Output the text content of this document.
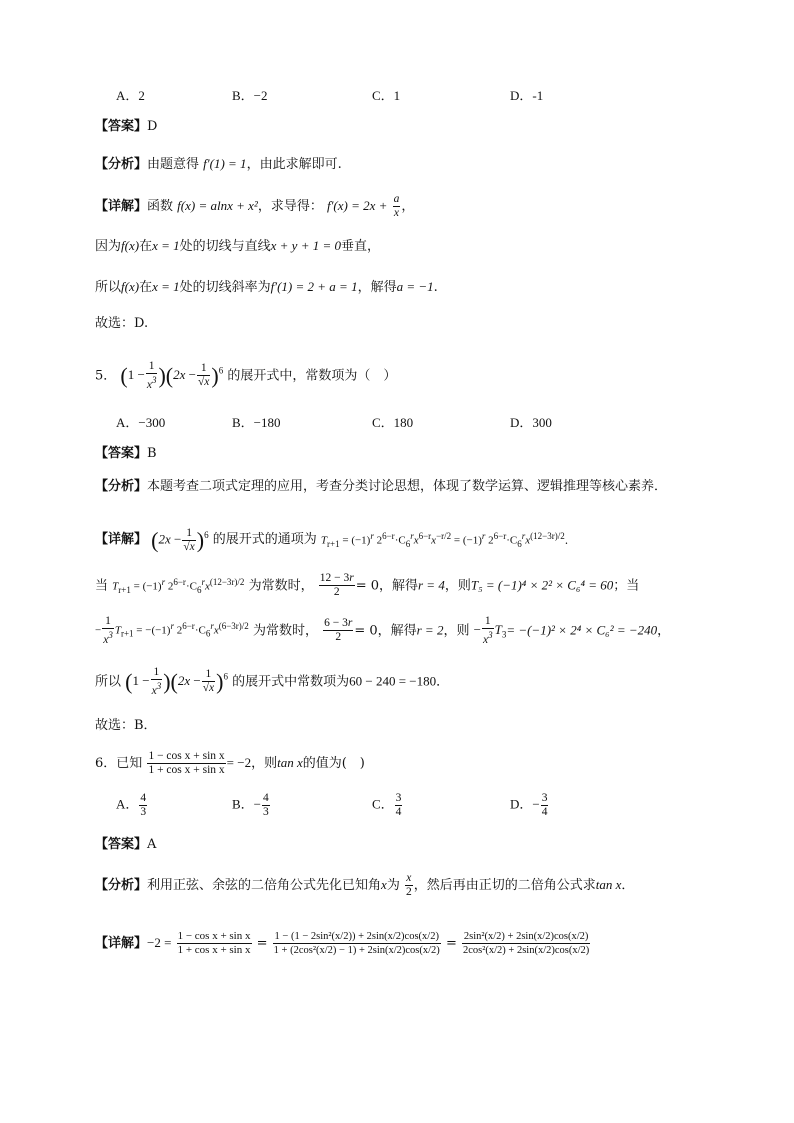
A．2	B．−2	C．1	D．-1
【答案】D
【分析】由题意得 f′(1) = 1，由此求解即可.
【详解】函数 f(x) = alnx + x²，求导得： $f'(x) = 2x + \frac{a}{x}$ ，
因为f(x)在x = 1处的切线与直线x + y + 1 = 0垂直，
所以f(x)在x = 1处的切线斜率为f′(1) = 2 + a = 1，解得a = −1.
故选：D.
5． $(1 - \frac{1}{x^3} )(2x - \frac{1}{√x} )^6$ 的展开式中，常数项为（　）
A．−300	B．−180	C．180	D．300
【答案】B
【分析】本题考查二项式定理的应用，考查分类讨论思想，体现了数学运算、逻辑推理等核心素养．
【详解】 $(2x - \frac{1}{√x} )^6$ 的展开式的通项为 $T_{r+1} = (-1)^r$ $2^{6-r}\cdot C_6^rx^{6-r}x^{-r/2} = (-1)^r$ $2^{6-r}\cdot C_6^rx^{(12-3r)/2}$．
当 $T_{r+1} = (-1)^r$ $2^{6-r}\cdot C_6^rx^{(12-3r)/2}$ 为常数时， $\frac{12 - 3r}{2} = 0$，解得r = 4，则T₅ = (−1)⁴ × 2² × C₆⁴ = 60；当
− $\frac{1}{x^3} T_{r+1} = -(-1)^r$ $2^{6-r}\cdot C_6^rx^{(6-3r)/2}$ 为常数时， $\frac{6 - 3r}{2} = 0$，解得r = 2，则 − $\frac{1}{x^3} T_3= -(-1)^2 \times 2^4 \times C_6^2 = -240$，
所以 $(1 - \frac{1}{x^3} )(2x - \frac{1}{√x} )^6$ 的展开式中常数项为60 − 240 = −180．
故选：B．
6．已知 $\frac{\text{1 − cos x + sin x}}{\text{1 + cos x + sin x}} = -2$，则tan x的值为(　)
A． $\frac{4}{3}$	B．− $\frac{4}{3}$	C． $\frac{3}{4}$	D．− $\frac{3}{4}$
【答案】A
【分析】利用正弦、余弦的二倍角公式先化已知角x为 $\frac{x}{2}$ ，然后再由正切的二倍角公式求tan x．
【详解】$-2 = \frac{\text{1 − cos x + sin x}}{\text{1 + cos x + sin x}} = \frac{\text{1 − (1 − 2sin²(x/2)) + 2sin(x/2)cos(x/2)}}{\text{1 + (2cos²(x/2) − 1) + 2sin(x/2)cos(x/2)}} = \frac{\text{2sin²(x/2) + 2sin(x/2)cos(x/2)}}{\text{2cos²(x/2) + 2sin(x/2)cos(x/2)}}$
